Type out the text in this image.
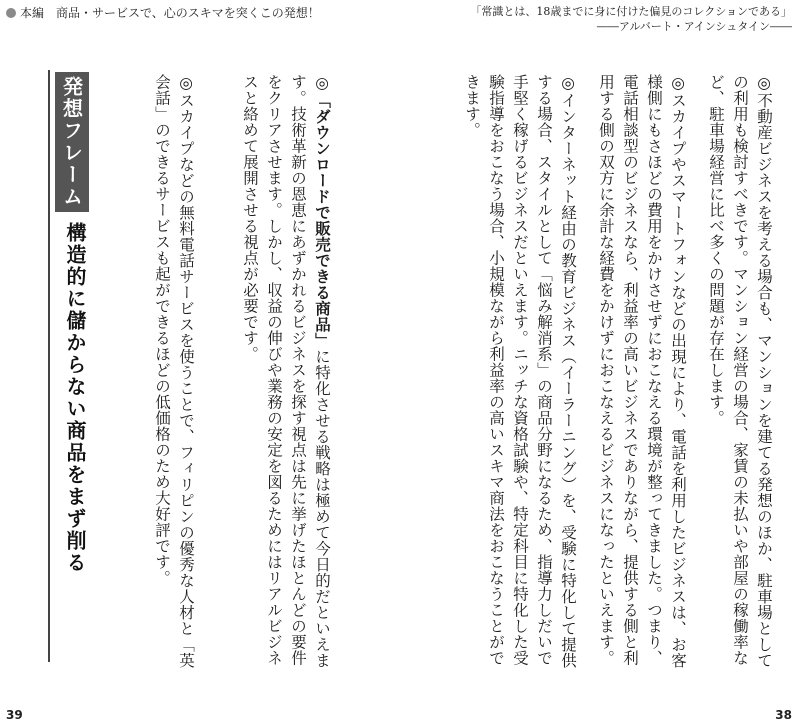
本編　商品・サービスで、心のスキマを突くこの発想！	「常識とは、18歳までに身に付けた偏見のコレクションである」
――アルバート・アインシュタイン――

◎不動産ビジネスを考える場合も、マンションを建てる発想のほか、駐車場としての利用も検討すべきです。マンション経営の場合、家賃の未払いや部屋の稼働率など、駐車場経営に比べ多くの問題が存在します。

◎スカイプやスマートフォンなどの出現により、電話を利用したビジネスは、お客様側にもさほどの費用をかけさせずにおこなえる環境が整ってきました。つまり、電話相談型のビジネスなら、利益率の高いビジネスでありながら、提供する側と利用する側の双方に余計な経費をかけずにおこなえるビジネスになったといえます。

◎インターネット経由の教育ビジネス（イーラーニング）を、受験に特化して提供する場合、スタイルとして「悩み解消系」の商品分野になるため、指導力しだいで手堅く稼げるビジネスだといえます。ニッチな資格試験や、特定科目に特化した受験指導をおこなう場合、小規模ながら利益率の高いスキマ商法をおこなうことができます。

◎「ダウンロードで販売できる商品」に特化させる戦略は極めて今日的だといえます。技術革新の恩恵にあずかれるビジネスを探す視点は先に挙げたほとんどの要件をクリアさせます。しかし、収益の伸びや業務の安定を図るためにはリアルビジネスと絡めて展開させる視点が必要です。

◎スカイプなどの無料電話サービスを使うことで、フィリピンの優秀な人材と「英会話」のできるサービスも起ができるほどの低価格のため大好評です。

発想フレーム
構造的に儲からない商品をまず削る
39	38
